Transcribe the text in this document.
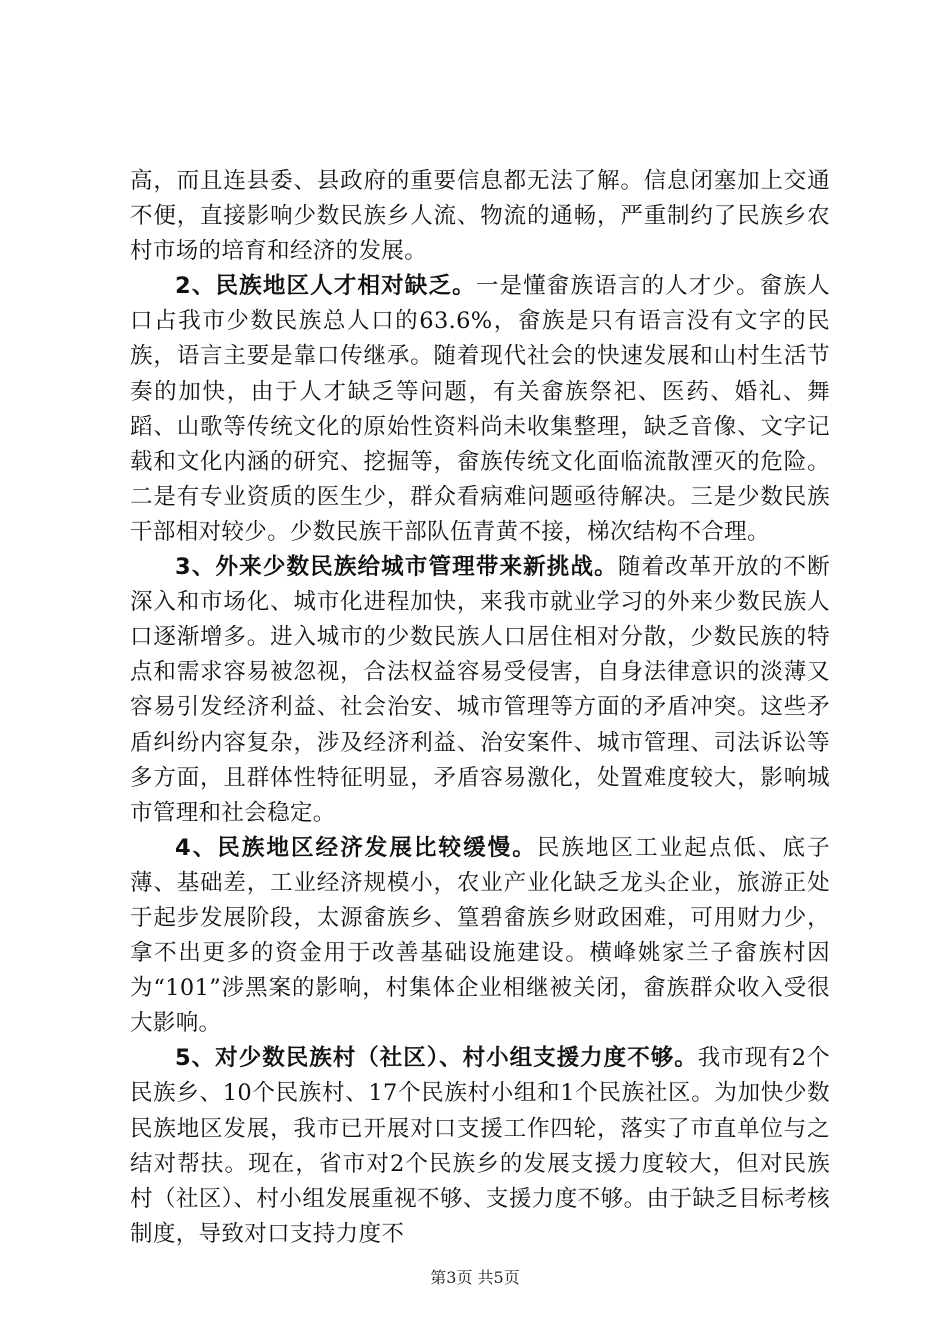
高，而且连县委、县政府的重要信息都无法了解。信息闭塞加上交通不便，直接影响少数民族乡人流、物流的通畅，严重制约了民族乡农村市场的培育和经济的发展。

2、民族地区人才相对缺乏。一是懂畲族语言的人才少。畲族人口占我市少数民族总人口的63.6%，畲族是只有语言没有文字的民族，语言主要是靠口传继承。随着现代社会的快速发展和山村生活节奏的加快，由于人才缺乏等问题，有关畲族祭祀、医药、婚礼、舞蹈、山歌等传统文化的原始性资料尚未收集整理，缺乏音像、文字记载和文化内涵的研究、挖掘等，畲族传统文化面临流散湮灭的危险。二是有专业资质的医生少，群众看病难问题亟待解决。三是少数民族干部相对较少。少数民族干部队伍青黄不接，梯次结构不合理。

3、外来少数民族给城市管理带来新挑战。随着改革开放的不断深入和市场化、城市化进程加快，来我市就业学习的外来少数民族人口逐渐增多。进入城市的少数民族人口居住相对分散，少数民族的特点和需求容易被忽视，合法权益容易受侵害，自身法律意识的淡薄又容易引发经济利益、社会治安、城市管理等方面的矛盾冲突。这些矛盾纠纷内容复杂，涉及经济利益、治安案件、城市管理、司法诉讼等多方面，且群体性特征明显，矛盾容易激化，处置难度较大，影响城市管理和社会稳定。

4、民族地区经济发展比较缓慢。民族地区工业起点低、底子薄、基础差，工业经济规模小，农业产业化缺乏龙头企业，旅游正处于起步发展阶段，太源畲族乡、篁碧畲族乡财政困难，可用财力少，拿不出更多的资金用于改善基础设施建设。横峰姚家兰子畲族村因为“101”涉黑案的影响，村集体企业相继被关闭，畲族群众收入受很大影响。

5、对少数民族村（社区）、村小组支援力度不够。我市现有2个民族乡、10个民族村、17个民族村小组和1个民族社区。为加快少数民族地区发展，我市已开展对口支援工作四轮，落实了市直单位与之结对帮扶。现在，省市对2个民族乡的发展支援力度较大，但对民族村（社区）、村小组发展重视不够、支援力度不够。由于缺乏目标考核制度，导致对口支持力度不

第3页 共5页
